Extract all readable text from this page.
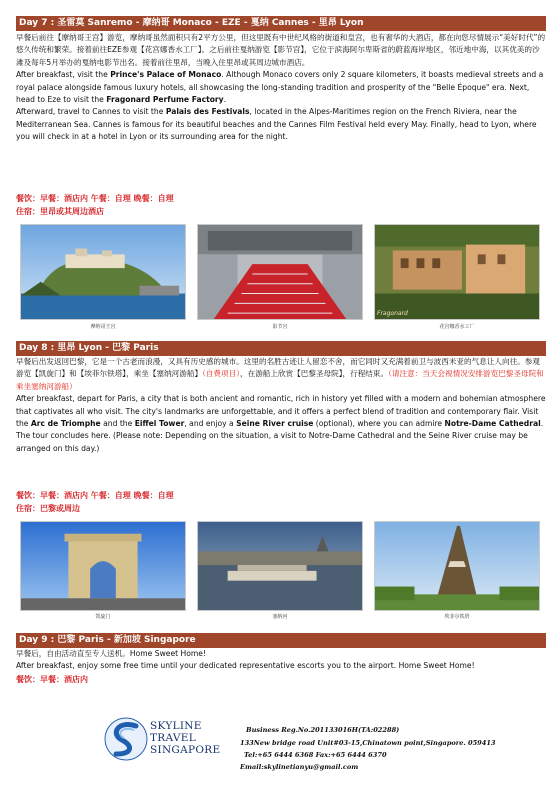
Day 7 : 圣雷莫 Sanremo - 摩纳哥 Monaco - EZE - 戛纳 Cannes - 里昂 Lyon
早餐后前往【摩纳哥王宫】游览，摩纳哥虽然面积只有2平方公里，但这里既有中世纪风格的街道和皇宫，也有奢华的大酒店，都在向您尽情展示“美好时代”的悠久传统和繁荣。接着前往EZE参观【花宫娜香水工厂】。之后前往戛纳游览【影节宫】，它位于滨海阿尔卑斯省的蔚蓝海岸地区，邻近地中海，以其优美的沙滩及每年5月举办的戛纳电影节出名。接着前往里昂，当晚入住里昂或其周边城市酒店。
After breakfast, visit the Prince's Palace of Monaco. Although Monaco covers only 2 square kilometers, it boasts medieval streets and a royal palace alongside famous luxury hotels, all showcasing the long-standing tradition and prosperity of the "Belle Époque" era. Next, head to Eze to visit the Fragonard Perfume Factory.
Afterward, travel to Cannes to visit the Palais des Festivals, located in the Alpes-Maritimes region on the French Riviera, near the Mediterranean Sea. Cannes is famous for its beautiful beaches and the Cannes Film Festival held every May. Finally, head to Lyon, where you will check in at a hotel in Lyon or its surrounding area for the night.
餐饮：早餐：酒店内 午餐：自理 晚餐：自理
住宿：里昂或其周边酒店
摩纳哥王宫	影节宫
Fragonard
花宫娜香水工厂
Day 8 : 里昂 Lyon - 巴黎 Paris
早餐后出发返回巴黎，它是一个古老而浪漫，又具有历史感的城市。这里的名胜古迹让人留恋不舍，而它同时又充满着前卫与波西米亚的气息让人向往。参观游览【凯旋门】和【埃菲尔铁塔】，乘坐【塞纳河游船】（自费项目），在游船上欣赏【巴黎圣母院】，行程结束。（请注意：当天会视情况安排游览巴黎圣母院和乘坐塞纳河游船）
After breakfast, depart for Paris, a city that is both ancient and romantic, rich in history yet filled with a modern and bohemian atmosphere that captivates all who visit. The city's landmarks are unforgettable, and it offers a perfect blend of tradition and contemporary flair. Visit the Arc de Triomphe and the Eiffel Tower, and enjoy a Seine River cruise (optional), where you can admire Notre-Dame Cathedral. The tour concludes here. (Please note: Depending on the situation, a visit to Notre-Dame Cathedral and the Seine River cruise may be arranged on this day.)
餐饮：早餐：酒店内 午餐：自理 晚餐：自理
住宿：巴黎或周边
凯旋门	塞纳河	埃菲尔铁塔
Day 9 : 巴黎 Paris - 新加坡 Singapore
早餐后，自由活动直至专人送机。Home Sweet Home!
After breakfast, enjoy some free time until your dedicated representative escorts you to the airport. Home Sweet Home!
餐饮：早餐：酒店内
SKYLINE
TRAVEL
SINGAPORE
Business Reg.No.201133016H(TA:02288)
133New bridge road Unit#03-15,Chinatown point,Singapore. 059413
Tel:+65 6444 6368 Fax:+65 6444 6370
Email:skylinetianyu@gmail.com
